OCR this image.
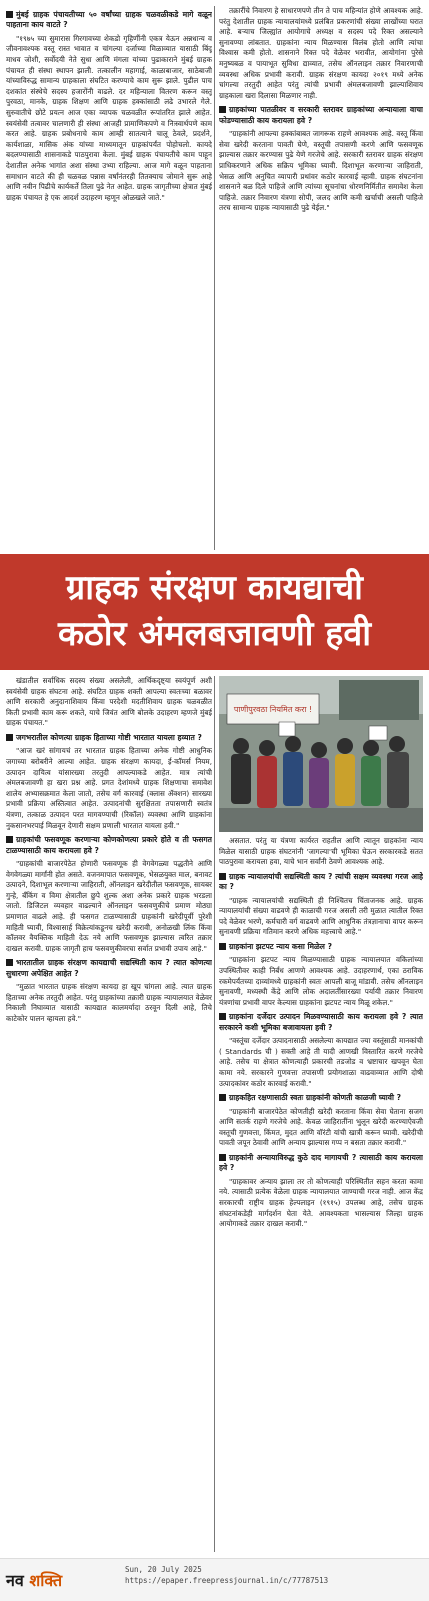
मुंबई ग्राहक पंचायतीच्या ५० वर्षांच्या ग्राहक चळवळीकडे मागे वळून पाहताना काय वाटते ?

"१९७५ च्या सुमारास गिरगावच्या शेकडो गृहिणींनी एकत्र येऊन अन्नधान्य व जीवनावश्यक वस्तू रास्त भावात व चांगल्या दर्जाच्या मिळाव्यात यासाठी बिंदू माधव जोशी, सर्वोदयी नेते सुधा आणि मंगला यांच्या पुढाकाराने मुंबई ग्राहक पंचायत ही संस्था स्थापन झाली. तत्कालीन महागाई, काळाबाजार, साठेबाजी यांच्याविरुद्ध सामान्य ग्राहकाला संघटित करण्याचे काम सुरू झाले. पुढील पाच दशकांत संस्थेचे सदस्य हजारोंनी वाढले. दर महिन्याला वितरण करून वस्तू पुरवठा, मानके, ग्राहक शिक्षण आणि ग्राहक हक्कांसाठी लढे उभारले गेले. सुरुवातीचे छोटे प्रयत्न आज एका व्यापक चळवळीत रूपांतरित झाले आहेत. स्वयंसेवी तत्वावर चालणारी ही संस्था आजही प्रामाणिकपणे व निःस्वार्थपणे काम करत आहे. ग्राहक प्रबोधनाचे काम आम्ही सातत्याने चालू ठेवले, प्रदर्शने, कार्यशाळा, मासिक अंक यांच्या माध्यमातून ग्राहकांपर्यंत पोहोचलो. कायदे बदलण्यासाठी शासनाकडे पाठपुरावा केला. मुंबई ग्राहक पंचायतीचे काम पाहून देशातील अनेक भागांत अशा संस्था उभ्या राहिल्या. आज मागे वळून पाहताना समाधान वाटते की ही चळवळ पन्नास वर्षांनंतरही तितक्याच जोमाने सुरू आहे आणि नवीन पिढीचे कार्यकर्ते तिला पुढे नेत आहेत. ग्राहक जागृतीच्या क्षेत्रात मुंबई ग्राहक पंचायत हे एक आदर्श उदाहरण म्हणून ओळखले जाते."

तक्रारींचे निवारण हे साधारणपणे तीन ते पाच महिन्यांत होणे आवश्यक आहे. परंतु देशातील ग्राहक न्यायालयांमध्ये प्रलंबित प्रकरणांची संख्या लाखोंच्या घरात आहे. बऱ्याच जिल्ह्यांत आयोगाचे अध्यक्ष व सदस्य पदे रिक्त असल्याने सुनावण्या लांबतात. ग्राहकांना न्याय मिळण्यास विलंब होतो आणि त्यांचा विश्वास कमी होतो. शासनाने रिक्त पदे वेळेवर भरावीत, आयोगांना पुरेसे मनुष्यबळ व पायाभूत सुविधा द्याव्यात, तसेच ऑनलाइन तक्रार निवारणाची व्यवस्था अधिक प्रभावी करावी. ग्राहक संरक्षण कायदा २०१९ मध्ये अनेक चांगल्या तरतुदी आहेत परंतु त्यांची प्रभावी अंमलबजावणी झाल्याशिवाय ग्राहकाला खरा दिलासा मिळणार नाही.

ग्राहकांच्या पातळीवर व सरकारी स्तरावर ग्राहकांच्या अन्यायाला वाचा फोडण्यासाठी काय करायला हवे ?

"ग्राहकांनी आपल्या हक्कांबाबत जागरूक राहणे आवश्यक आहे. वस्तू किंवा सेवा खरेदी करताना पावती घेणे, वस्तूची तपासणी करणे आणि फसवणूक झाल्यास तक्रार करण्यास पुढे येणे गरजेचे आहे. सरकारी स्तरावर ग्राहक संरक्षण प्राधिकरणाने अधिक सक्रिय भूमिका घ्यावी. दिशाभूल करणाऱ्या जाहिराती, भेसळ आणि अनुचित व्यापारी प्रथांवर कठोर कारवाई व्हावी. ग्राहक संघटनांना शासनाने बळ दिले पाहिजे आणि त्यांच्या सूचनांचा धोरणनिर्मितीत समावेश केला पाहिजे. तक्रार निवारण यंत्रणा सोपी, जलद आणि कमी खर्चाची असली पाहिजे तरच सामान्य ग्राहक न्यायासाठी पुढे येईल."

ग्राहक संरक्षण कायद्याची
कठोर अंमलबजावणी हवी

खंडातील सर्वाधिक सदस्य संख्या असलेली, आर्थिकदृष्ट्या स्वयंपूर्ण अशी स्वयंसेवी ग्राहक संघटना आहे. संघटित ग्राहक शक्ती आपल्या स्वतःच्या बळावर आणि सरकारी अनुदानाशिवाय किंवा परदेशी मदतीशिवाय ग्राहक चळवळीत किती प्रभावी काम करू शकते, याचे जिवंत आणि बोलके उदाहरण म्हणजे मुंबई ग्राहक पंचायत."

जगभरातील कोणत्या ग्राहक हिताच्या गोष्टी भारतात यायला हव्यात ?

"आज खरं सांगायचं तर भारतात ग्राहक हिताच्या अनेक गोष्टी आधुनिक जगाच्या बरोबरीने आल्या आहेत. ग्राहक संरक्षण कायदा, ई-कॉमर्स नियम, उत्पादन दायित्व यांसारख्या तरतुदी आपल्याकडे आहेत. मात्र त्यांची अंमलबजावणी हा खरा प्रश्न आहे. प्रगत देशांमध्ये ग्राहक शिक्षणाचा समावेश शालेय अभ्यासक्रमात केला जातो, तसेच वर्ग कारवाई (क्लास ॲक्शन) सारख्या प्रभावी प्रक्रिया अस्तित्वात आहेत. उत्पादनांची सुरक्षितता तपासणारी स्वतंत्र यंत्रणा, तत्काळ उत्पादन परत मागवण्याची (रिकॉल) व्यवस्था आणि ग्राहकांना नुकसानभरपाई मिळवून देणारी सक्षम प्रणाली भारतात यायला हवी."

ग्राहकांची फसवणूक करणाऱ्या कोणकोणत्या प्रकारे होते व ती फसगत टाळण्यासाठी काय करायला हवे ?

"ग्राहकांची बाजारपेठेत होणारी फसवणूक ही वेगवेगळ्या पद्धतीने आणि वेगवेगळ्या मार्गांनी होत असते. वजनमापात फसवणूक, भेसळयुक्त माल, बनावट उत्पादने, दिशाभूल करणाऱ्या जाहिराती, ऑनलाइन खरेदीतील फसवणूक, सायबर गुन्हे, बँकिंग व विमा क्षेत्रातील छुपे शुल्क अशा अनेक प्रकारे ग्राहक भरडला जातो. डिजिटल व्यवहार वाढल्याने ऑनलाइन फसवणुकीचे प्रमाण मोठ्या प्रमाणात वाढले आहे. ही फसगत टाळण्यासाठी ग्राहकांनी खरेदीपूर्वी पुरेशी माहिती घ्यावी, विश्वासार्ह विक्रेत्यांकडूनच खरेदी करावी, अनोळखी लिंक किंवा कॉलवर वैयक्तिक माहिती देऊ नये आणि फसवणूक झाल्यास त्वरित तक्रार दाखल करावी. ग्राहक जागृती हाच फसवणुकीवरचा सर्वात प्रभावी उपाय आहे."

भारतातील ग्राहक संरक्षण कायद्याची सद्यस्थिती काय ? त्यात कोणत्या सुधारणा अपेक्षित आहेत ?

"मुळात भारतात ग्राहक संरक्षण कायदा हा खूप चांगला आहे. त्यात ग्राहक हिताच्या अनेक तरतुदी आहेत. परंतु ग्राहकांच्या तक्रारी ग्राहक न्यायालयात वेळेवर निकाली निघाव्यात यासाठी कायद्यात कालमर्यादा ठरवून दिली आहे, तिचे काटेकोर पालन व्हायला हवे."

पाणीपुरवठा नियमित करा !

असतात. परंतु या यंत्रणा कार्यरत राहतील आणि त्यातून ग्राहकांना न्याय मिळेल यासाठी ग्राहक संघटनांनी 'जागल्या'ची भूमिका घेऊन सरकारकडे सतत पाठपुरावा करायला हवा, याचे भान सर्वांनी ठेवणे आवश्यक आहे.

ग्राहक न्यायालयांची सद्यस्थिती काय ? त्यांची सक्षम व्यवस्था गरज आहे का ?

"ग्राहक न्यायालयांची सद्यस्थिती ही निश्चितच चिंताजनक आहे. ग्राहक न्यायालयांची संख्या वाढवणे ही काळाची गरज असली तरी मुळात त्यातील रिक्त पदे वेळेवर भरणे, कर्मचारी वर्ग वाढवणे आणि आधुनिक तंत्रज्ञानाचा वापर करून सुनावणी प्रक्रिया गतिमान करणे अधिक महत्त्वाचे आहे."

ग्राहकांना झटपट न्याय कसा मिळेल ?

"ग्राहकांना झटपट न्याय मिळण्यासाठी ग्राहक न्यायालयात वकिलांच्या उपस्थितीवर काही निर्बंध आणणे आवश्यक आहे. उदाहरणार्थ, एका ठराविक रकमेपर्यंतच्या दाव्यांमध्ये ग्राहकांनी स्वतः आपली बाजू मांडावी. तसेच ऑनलाइन सुनावणी, मध्यस्थी केंद्रे आणि लोक अदालतींसारख्या पर्यायी तक्रार निवारण यंत्रणांचा प्रभावी वापर केल्यास ग्राहकांना झटपट न्याय मिळू शकेल."

ग्राहकांना दर्जेदार उत्पादन मिळवण्यासाठी काय करायला हवे ? त्यात सरकारने कशी भूमिका बजावायला हवी ?

"वस्तूंचा दर्जेदार उत्पादनासाठी असलेल्या कायद्यात ज्या वस्तूंसाठी मानकांची ( Standards ची ) सक्ती आहे ती यादी आणखी विस्तारित करणे गरजेचे आहे. तसेच या क्षेत्रात कोणत्याही प्रकारची तडजोड व भ्रष्टाचार खपवून घेता कामा नये. सरकारने गुणवत्ता तपासणी प्रयोगशाळा वाढवाव्यात आणि दोषी उत्पादकांवर कठोर कारवाई करावी."

ग्राहकहित रक्षणासाठी स्वतः ग्राहकांनी कोणती काळजी घ्यावी ?

"ग्राहकांनी बाजारपेठेत कोणतीही खरेदी करताना किंवा सेवा घेताना सजग आणि सतर्क राहणे गरजेचे आहे. केवळ जाहिरातींना भुलून खरेदी करण्याऐवजी वस्तूची गुणवत्ता, किंमत, मुदत आणि वॉरंटी यांची खात्री करून घ्यावी. खरेदीची पावती जपून ठेवावी आणि अन्याय झाल्यास गप्प न बसता तक्रार करावी."

ग्राहकांनी अन्यायाविरुद्ध कुठे दाद मागायची ? त्यासाठी काय करायला हवे ?

"ग्राहकावर अन्याय झाला तर तो कोणत्याही परिस्थितीत सहन करता कामा नये. त्यासाठी प्रत्येक वेळेला ग्राहक न्यायालयात जाण्याची गरज नाही. आज केंद्र सरकारची राष्ट्रीय ग्राहक हेल्पलाइन (१९१५) उपलब्ध आहे, तसेच ग्राहक संघटनांकडेही मार्गदर्शन घेता येते. आवश्यकता भासल्यास जिल्हा ग्राहक आयोगाकडे तक्रार दाखल करावी."

नव शक्ति
Sun, 20 July 2025
https://epaper.freepressjournal.in/c/77787513
